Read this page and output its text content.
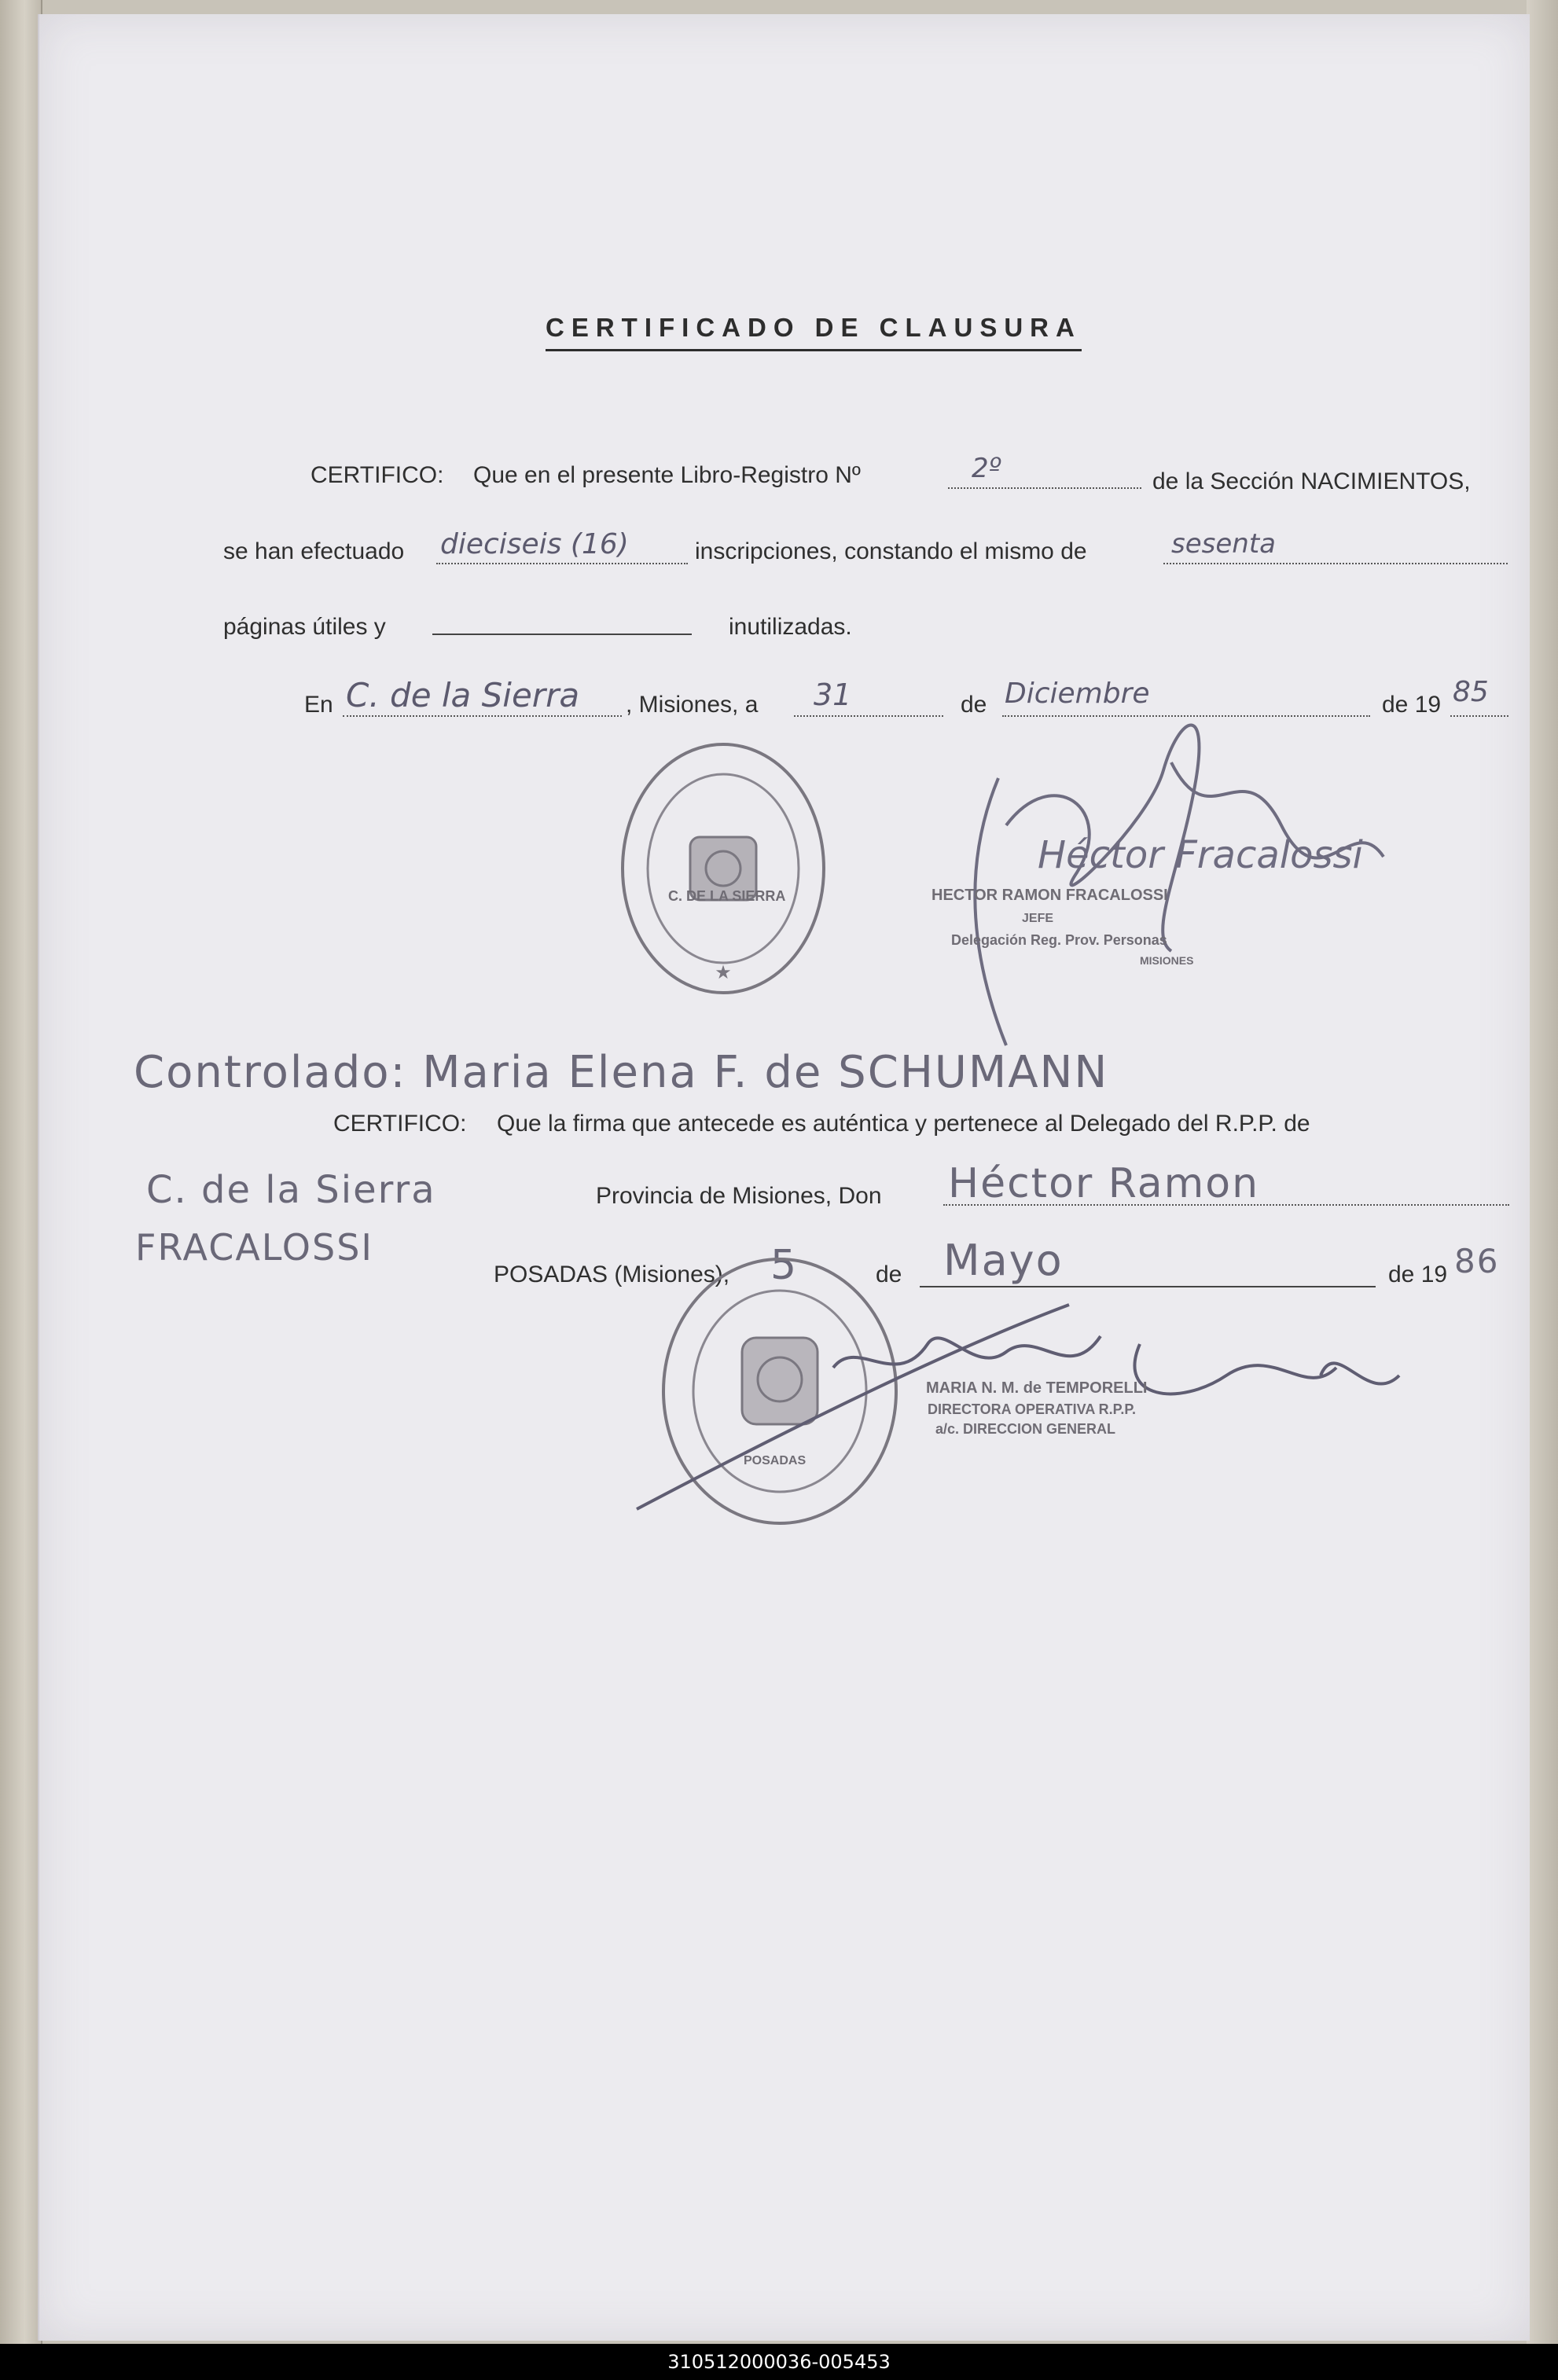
CERTIFICADO DE CLAUSURA
CERTIFICO: Que en el presente Libro-Registro Nº	2º	de la Sección NACIMIENTOS,
se han efectuado dieciseis (16)	inscripciones, constando el mismo de	sesenta
páginas útiles y	inutilizadas.
En C. de la Sierra , Misiones, a 31	de Diciembre	de 19 85
★
C. DE LA SIERRA
Héctor Fracalossi
HECTOR RAMON FRACALOSSI
JEFE
Delegación Reg. Prov. Personas
MISIONES
Controlado: Maria Elena F. de SCHUMANN
CERTIFICO: Que la firma que antecede es auténtica y pertenece al Delegado del R.P.P. de
C. de la Sierra	Provincia de Misiones, Don Héctor Ramon
FRACALOSSI
POSADAS (Misiones), 5	de Mayo	de 19 86
POSADAS
MARIA N. M. de TEMPORELLI
DIRECTORA OPERATIVA R.P.P.
a/c. DIRECCION GENERAL
310512000036-005453
